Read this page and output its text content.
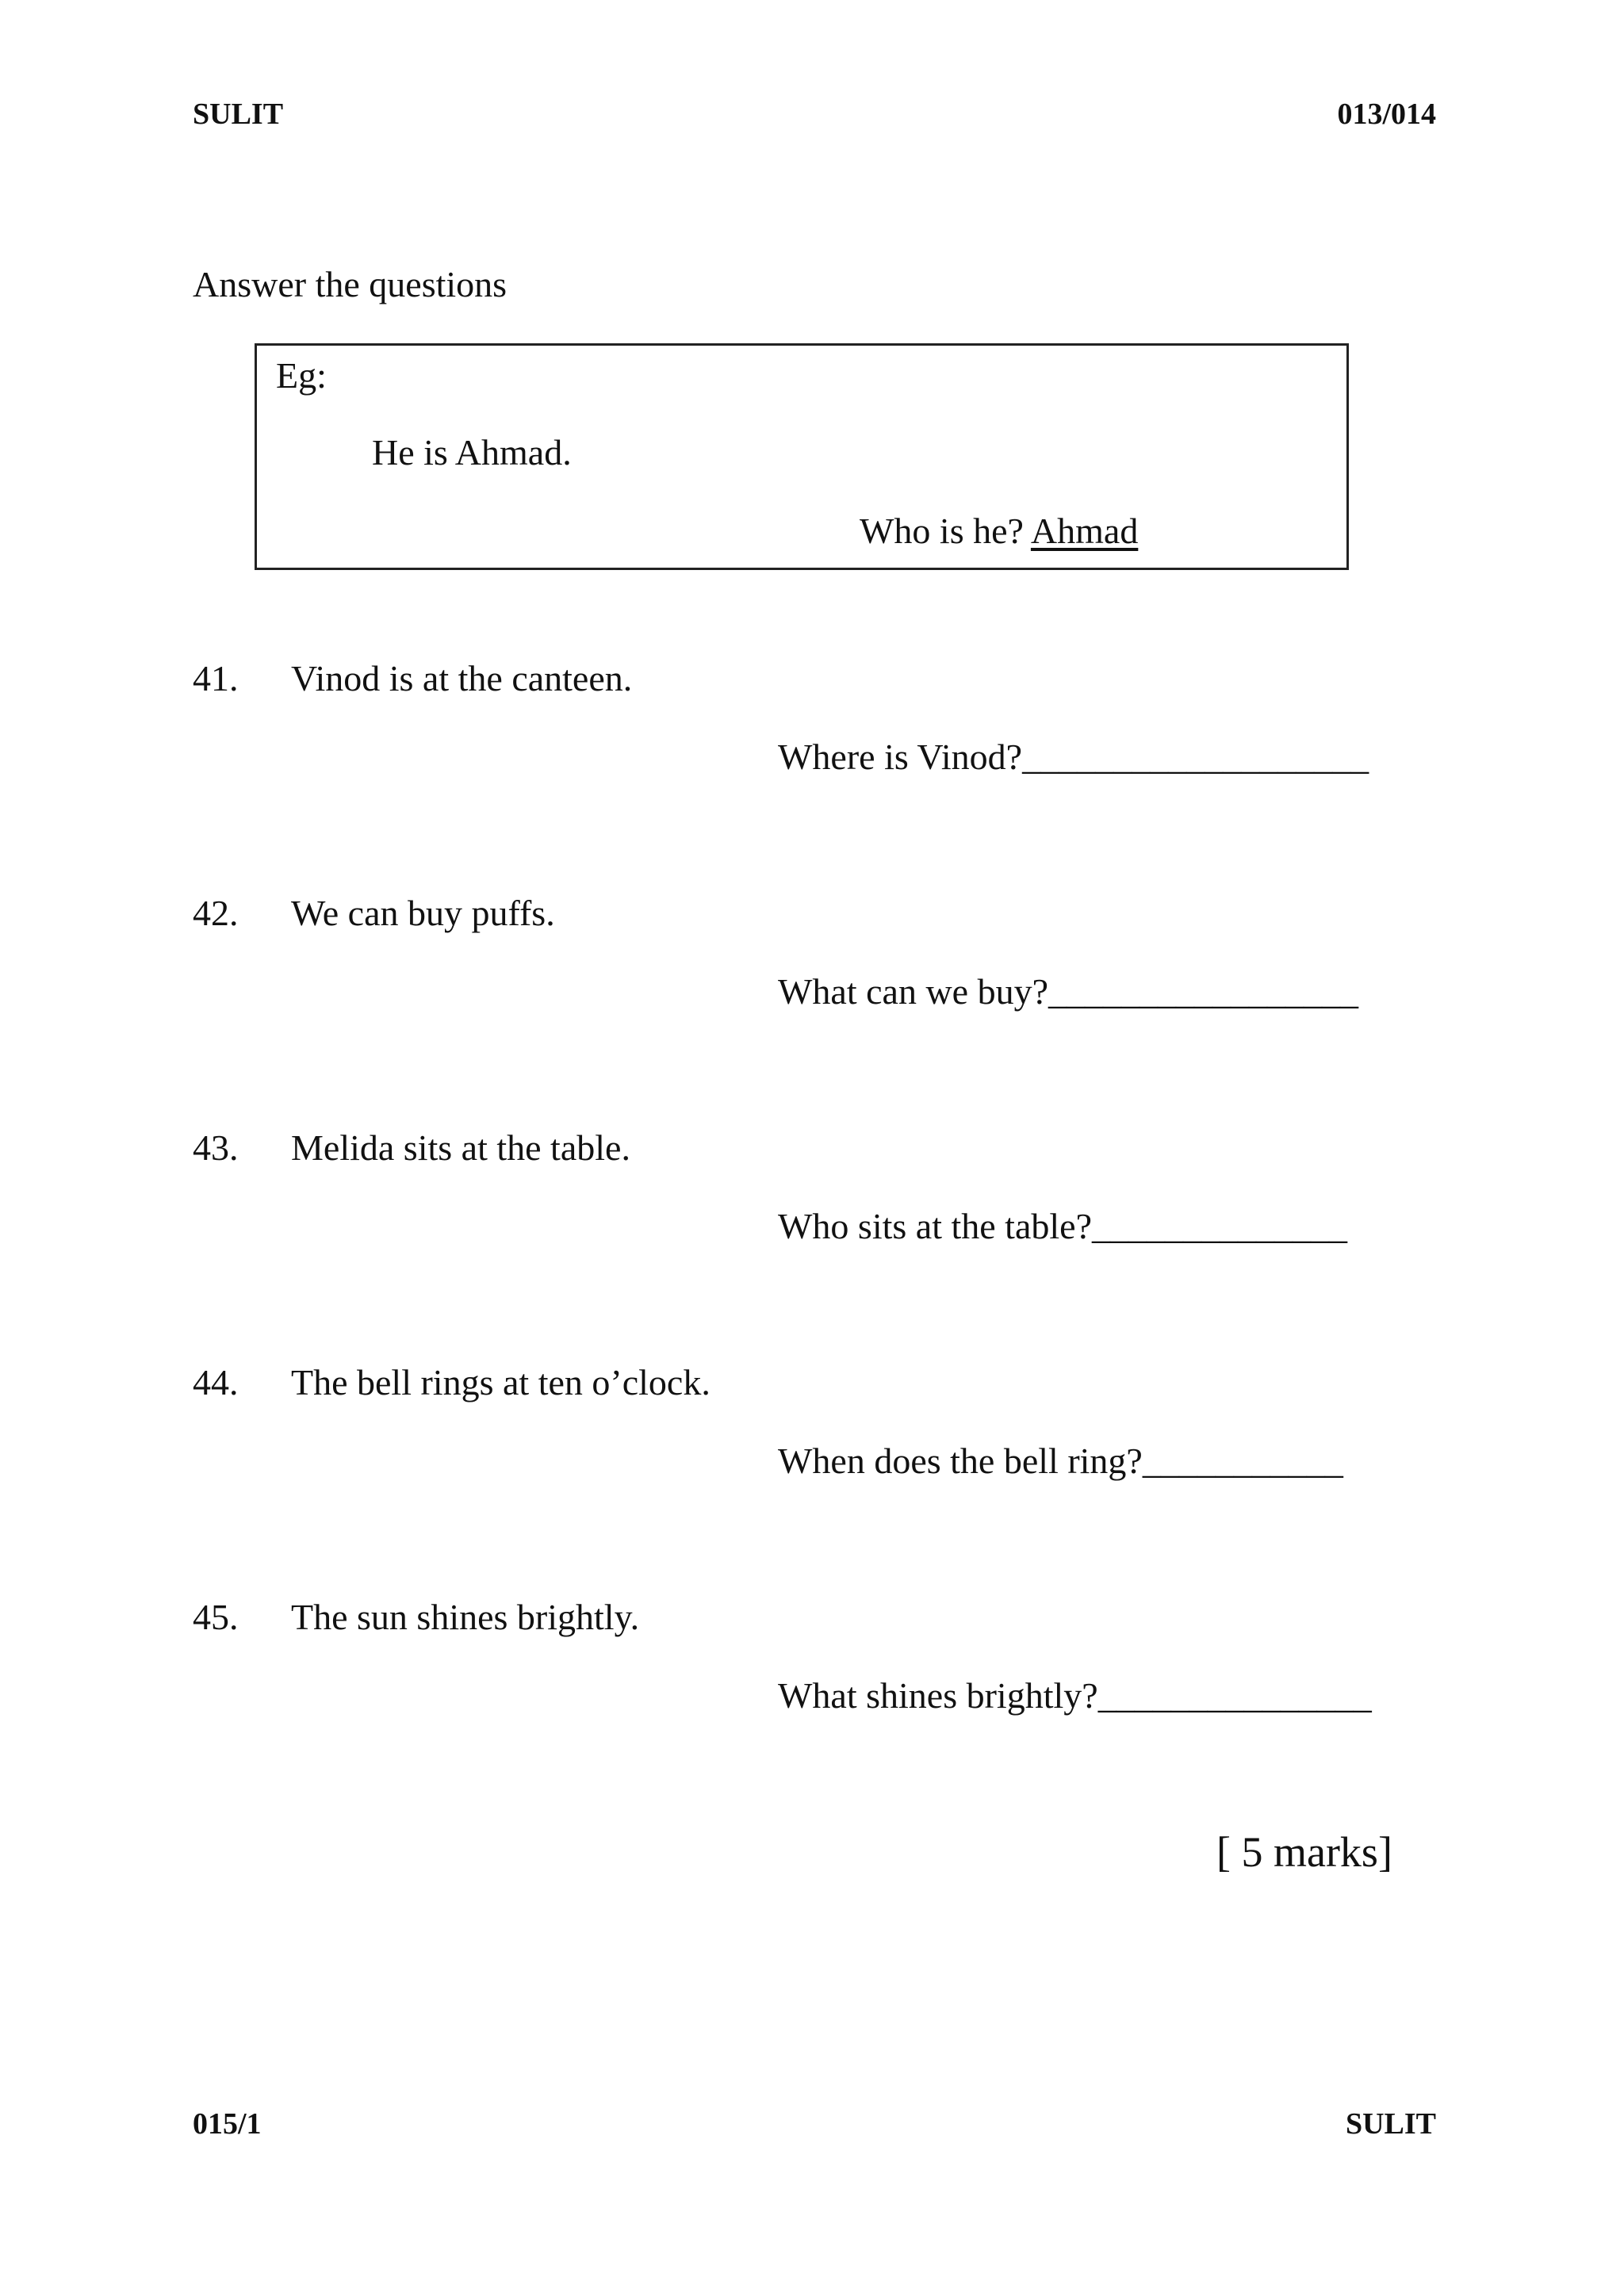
SULIT	013/014
Answer the questions
Eg:
He is Ahmad.
Who is he? Ahmad
41. Vinod is at the canteen.
Where is Vinod?___________________
42. We can buy puffs.
What can we buy?_________________
43. Melida sits at the table.
Who sits at the table?______________
44. The bell rings at ten o’clock.
When does the bell ring?___________
45. The sun shines brightly.
What shines brightly?_______________
[ 5 marks]
015/1	SULIT
